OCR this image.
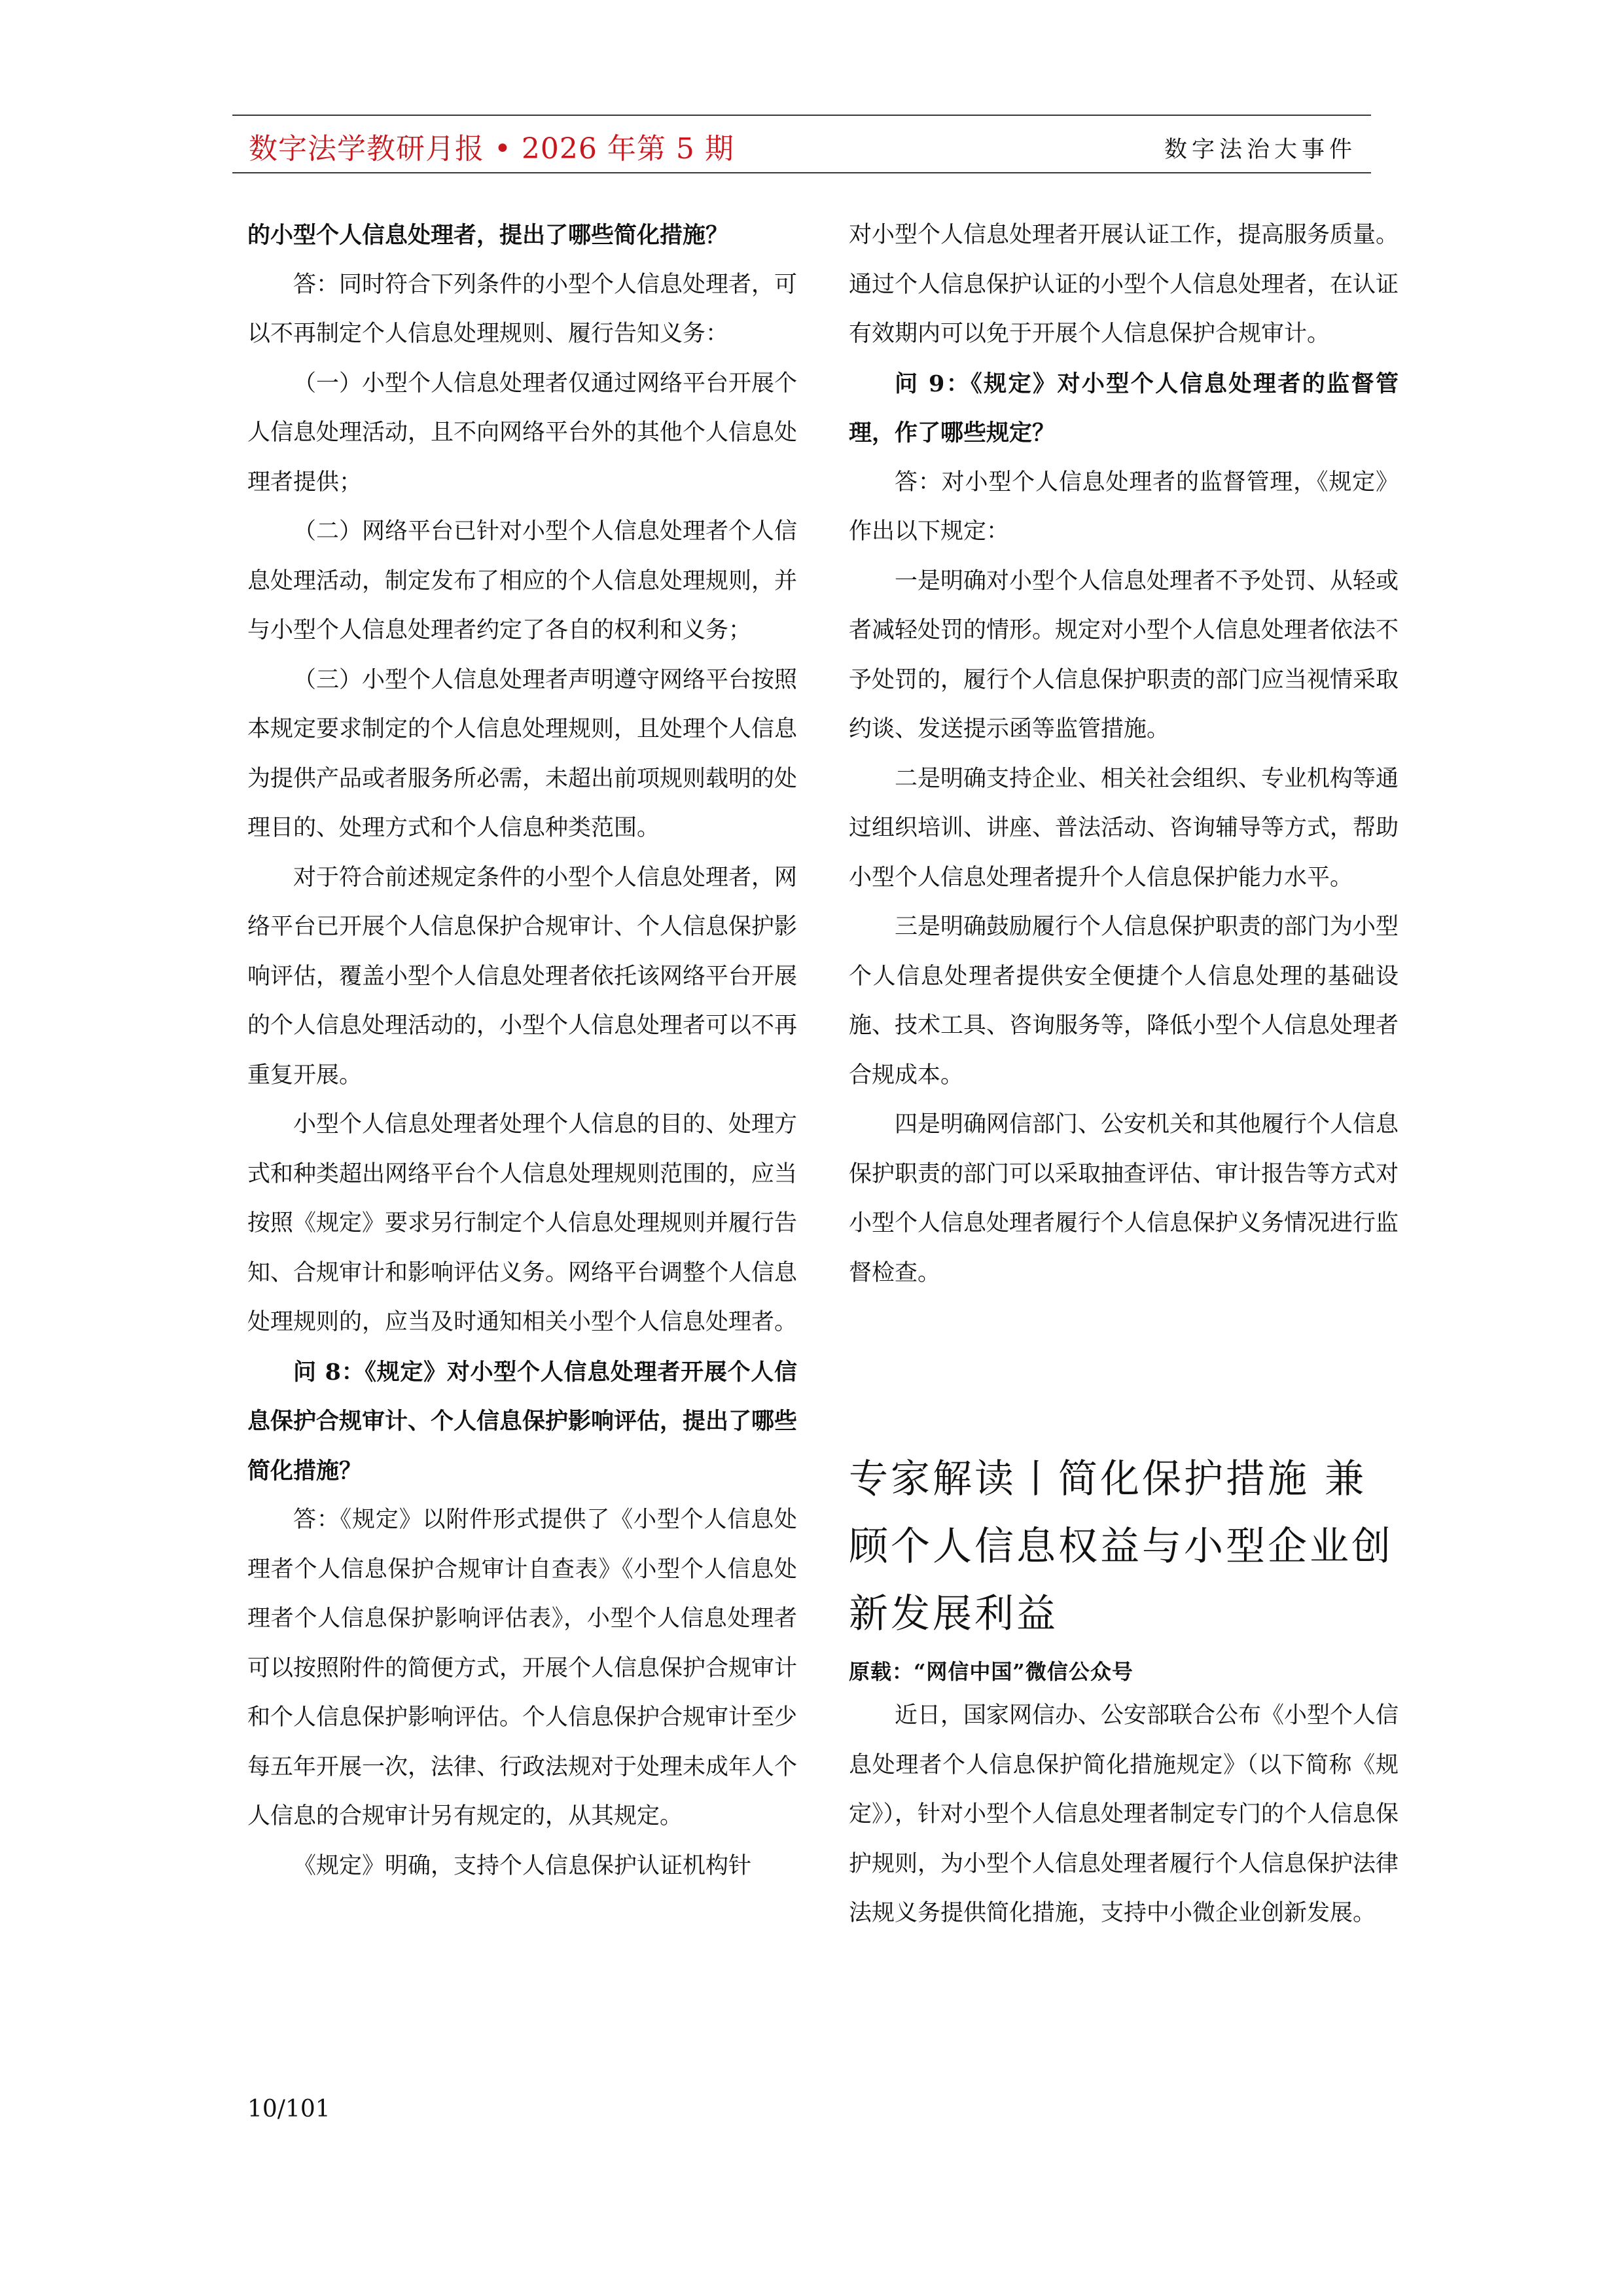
数字法学教研月报 • 2026 年第 5 期	数字法治大事件

的小型个人信息处理者，提出了哪些简化措施？

答：同时符合下列条件的小型个人信息处理者，可以不再制定个人信息处理规则、履行告知义务：

（一）小型个人信息处理者仅通过网络平台开展个人信息处理活动，且不向网络平台外的其他个人信息处理者提供；

（二）网络平台已针对小型个人信息处理者个人信息处理活动，制定发布了相应的个人信息处理规则，并与小型个人信息处理者约定了各自的权利和义务；

（三）小型个人信息处理者声明遵守网络平台按照本规定要求制定的个人信息处理规则，且处理个人信息为提供产品或者服务所必需，未超出前项规则载明的处理目的、处理方式和个人信息种类范围。

对于符合前述规定条件的小型个人信息处理者，网络平台已开展个人信息保护合规审计、个人信息保护影响评估，覆盖小型个人信息处理者依托该网络平台开展的个人信息处理活动的，小型个人信息处理者可以不再重复开展。

小型个人信息处理者处理个人信息的目的、处理方式和种类超出网络平台个人信息处理规则范围的，应当按照《规定》要求另行制定个人信息处理规则并履行告知、合规审计和影响评估义务。网络平台调整个人信息处理规则的，应当及时通知相关小型个人信息处理者。

问 8：《规定》对小型个人信息处理者开展个人信息保护合规审计、个人信息保护影响评估，提出了哪些简化措施？

答：《规定》以附件形式提供了《小型个人信息处理者个人信息保护合规审计自查表》《小型个人信息处理者个人信息保护影响评估表》，小型个人信息处理者可以按照附件的简便方式，开展个人信息保护合规审计和个人信息保护影响评估。个人信息保护合规审计至少每五年开展一次，法律、行政法规对于处理未成年人个人信息的合规审计另有规定的，从其规定。

《规定》明确，支持个人信息保护认证机构针

对小型个人信息处理者开展认证工作，提高服务质量。通过个人信息保护认证的小型个人信息处理者，在认证有效期内可以免于开展个人信息保护合规审计。

问 9：《规定》对小型个人信息处理者的监督管理，作了哪些规定？

答：对小型个人信息处理者的监督管理，《规定》作出以下规定：

一是明确对小型个人信息处理者不予处罚、从轻或者减轻处罚的情形。规定对小型个人信息处理者依法不予处罚的，履行个人信息保护职责的部门应当视情采取约谈、发送提示函等监管措施。

二是明确支持企业、相关社会组织、专业机构等通过组织培训、讲座、普法活动、咨询辅导等方式，帮助小型个人信息处理者提升个人信息保护能力水平。

三是明确鼓励履行个人信息保护职责的部门为小型个人信息处理者提供安全便捷个人信息处理的基础设施、技术工具、咨询服务等，降低小型个人信息处理者合规成本。

四是明确网信部门、公安机关和其他履行个人信息保护职责的部门可以采取抽查评估、审计报告等方式对小型个人信息处理者履行个人信息保护义务情况进行监督检查。

专家解读丨简化保护措施 兼顾个人信息权益与小型企业创新发展利益

原载：“网信中国”微信公众号

近日，国家网信办、公安部联合公布《小型个人信息处理者个人信息保护简化措施规定》（以下简称《规定》），针对小型个人信息处理者制定专门的个人信息保护规则，为小型个人信息处理者履行个人信息保护法律法规义务提供简化措施，支持中小微企业创新发展。

10/101
